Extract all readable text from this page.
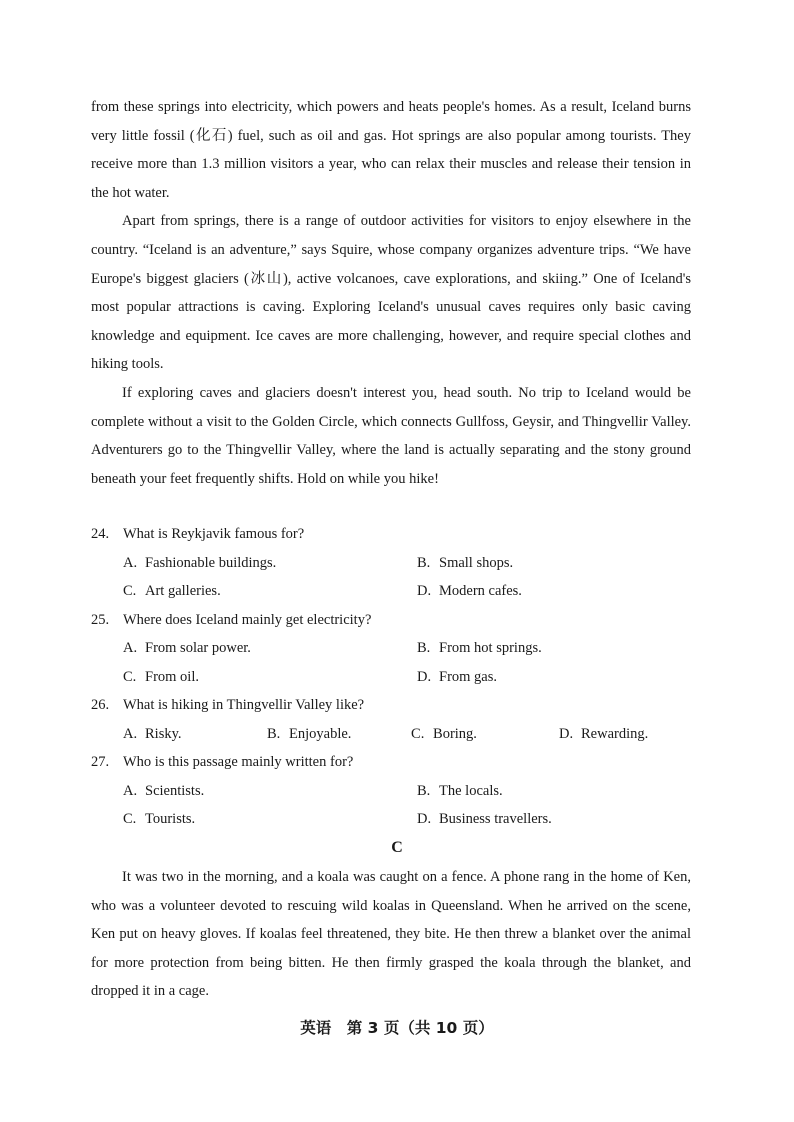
from these springs into electricity, which powers and heats people's homes. As a result, Iceland burns very little fossil (化石) fuel, such as oil and gas. Hot springs are also popular among tourists. They receive more than 1.3 million visitors a year, who can relax their muscles and release their tension in the hot water.

Apart from springs, there is a range of outdoor activities for visitors to enjoy elsewhere in the country. “Iceland is an adventure,” says Squire, whose company organizes adventure trips. “We have Europe's biggest glaciers (冰山), active volcanoes, cave explorations, and skiing.” One of Iceland's most popular attractions is caving. Exploring Iceland's unusual caves requires only basic caving knowledge and equipment. Ice caves are more challenging, however, and require special clothes and hiking tools.

If exploring caves and glaciers doesn't interest you, head south. No trip to Iceland would be complete without a visit to the Golden Circle, which connects Gullfoss, Geysir, and Thingvellir Valley. Adventurers go to the Thingvellir Valley, where the land is actually separating and the stony ground beneath your feet frequently shifts. Hold on while you hike!

24. What is Reykjavik famous for?
A. Fashionable buildings.	B. Small shops.
C. Art galleries.	D. Modern cafes.
25. Where does Iceland mainly get electricity?
A. From solar power.	B. From hot springs.
C. From oil.	D. From gas.
26. What is hiking in Thingvellir Valley like?
A. Risky.	B. Enjoyable.	C. Boring.	D. Rewarding.
27. Who is this passage mainly written for?
A. Scientists.	B. The locals.
C. Tourists.	D. Business travellers.
C

It was two in the morning, and a koala was caught on a fence. A phone rang in the home of Ken, who was a volunteer devoted to rescuing wild koalas in Queensland. When he arrived on the scene, Ken put on heavy gloves. If koalas feel threatened, they bite. He then threw a blanket over the animal for more protection from being bitten. He then firmly grasped the koala through the blanket, and dropped it in a cage.

英语　第 3 页（共 10 页）
